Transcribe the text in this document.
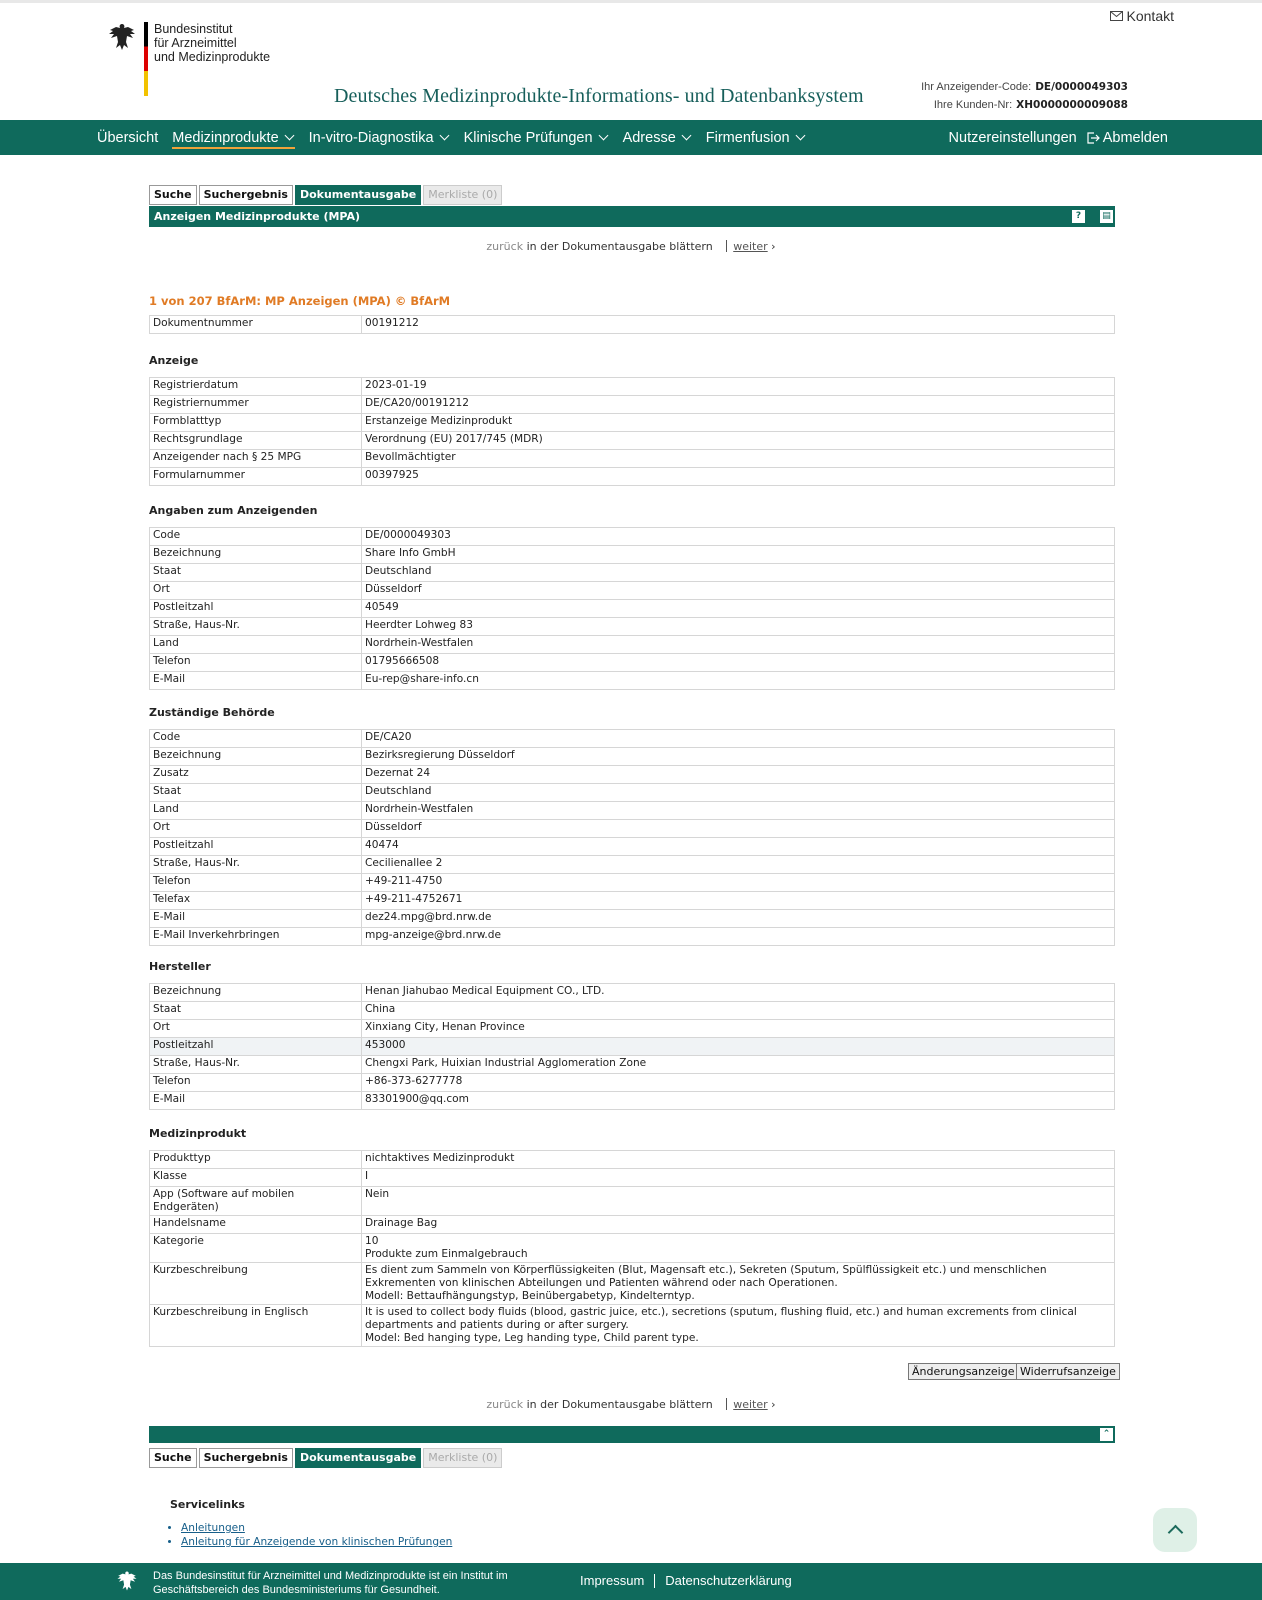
Bundesinstitut
für Arzneimittel
und Medizinprodukte
Kontakt
Deutsches Medizinprodukte-Informations- und Datenbanksystem	Ihr Anzeigender-Code: DE/0000049303
Ihre Kunden-Nr: XH0000000009088
Übersicht Medizinprodukte In-vitro-Diagnostika Klinische Prüfungen Adresse Firmenfusion	Nutzereinstellungen Abmelden
Suche	Suchergebnis	Dokumentausgabe	Merkliste (0)
Anzeigen Medizinprodukte (MPA)	?	▤
zurück in der Dokumentausgabe blättern weiter ›
1 von 207 BfArM: MP Anzeigen (MPA) © BfArM
Dokumentnummer	00191212
Anzeige
Registrierdatum	2023-01-19
Registriernummer	DE/CA20/00191212
Formblatttyp	Erstanzeige Medizinprodukt
Rechtsgrundlage	Verordnung (EU) 2017/745 (MDR)
Anzeigender nach § 25 MPG	Bevollmächtigter
Formularnummer	00397925
Angaben zum Anzeigenden
Code	DE/0000049303
Bezeichnung	Share Info GmbH
Staat	Deutschland
Ort	Düsseldorf
Postleitzahl	40549
Straße, Haus-Nr.	Heerdter Lohweg 83
Land	Nordrhein-Westfalen
Telefon	01795666508
E-Mail	Eu-rep@share-info.cn
Zuständige Behörde
Code	DE/CA20
Bezeichnung	Bezirksregierung Düsseldorf
Zusatz	Dezernat 24
Staat	Deutschland
Land	Nordrhein-Westfalen
Ort	Düsseldorf
Postleitzahl	40474
Straße, Haus-Nr.	Cecilienallee 2
Telefon	+49-211-4750
Telefax	+49-211-4752671
E-Mail	dez24.mpg@brd.nrw.de
E-Mail Inverkehrbringen	mpg-anzeige@brd.nrw.de
Hersteller
Bezeichnung	Henan Jiahubao Medical Equipment CO., LTD.
Staat	China
Ort	Xinxiang City, Henan Province
Postleitzahl	453000
Straße, Haus-Nr.	Chengxi Park, Huixian Industrial Agglomeration Zone
Telefon	+86-373-6277778
E-Mail	83301900@qq.com
Medizinprodukt
Produkttyp	nichtaktives Medizinprodukt
Klasse	I
App (Software auf mobilen Endgeräten)	Nein
Handelsname	Drainage Bag
Kategorie	10
Produkte zum Einmalgebrauch
Kurzbeschreibung	Es dient zum Sammeln von Körperflüssigkeiten (Blut, Magensaft etc.), Sekreten (Sputum, Spülflüssigkeit etc.) und menschlichen Exkrementen von klinischen Abteilungen und Patienten während oder nach Operationen.
Modell: Bettaufhängungstyp, Beinübergabetyp, Kindelterntyp.
Kurzbeschreibung in Englisch	It is used to collect body fluids (blood, gastric juice, etc.), secretions (sputum, flushing fluid, etc.) and human excrements from clinical departments and patients during or after surgery.
Model: Bed hanging type, Leg handing type, Child parent type.
Änderungsanzeige Widerrufsanzeige
zurück in der Dokumentausgabe blättern weiter ›
⌃
Suche	Suchergebnis	Dokumentausgabe	Merkliste (0)
Servicelinks
• Anleitungen
• Anleitung für Anzeigende von klinischen Prüfungen
Das Bundesinstitut für Arzneimittel und Medizinprodukte ist ein Institut im Geschäftsbereich des Bundesministeriums für Gesundheit.
Impressum Datenschutzerklärung
